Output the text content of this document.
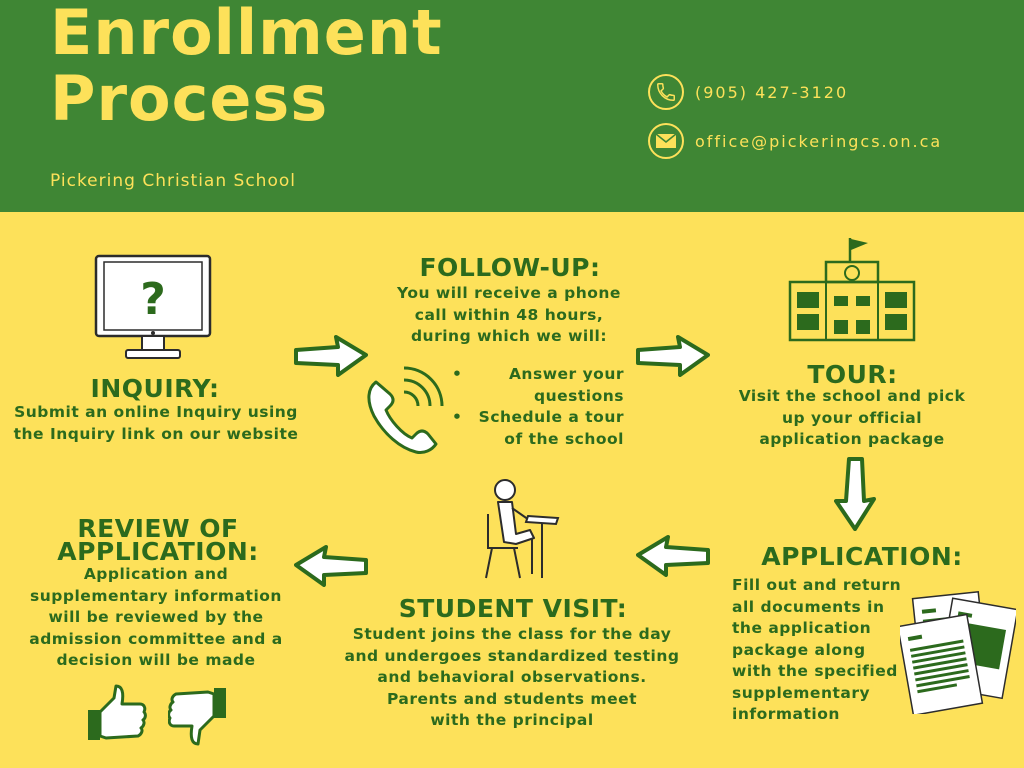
Enrollment
Process
Pickering Christian School
(905) 427-3120
office@pickeringcs.on.ca
?
INQUIRY:
Submit an online Inquiry using
the Inquiry link on our website
FOLLOW-UP:
You will receive a phone
call within 48 hours,
during which we will:
•	Answer your
questions
•	Schedule a tour
of the school
TOUR:
Visit the school and pick
up your official
application package
APPLICATION:
Fill out and return
all documents in
the application
package along
with the specified
supplementary
information
STUDENT VISIT:
Student joins the class for the day
and undergoes standardized testing
and behavioral observations.
Parents and students meet
with the principal
REVIEW OF
APPLICATION:
Application and
supplementary information
will be reviewed by the
admission committee and a
decision will be made
